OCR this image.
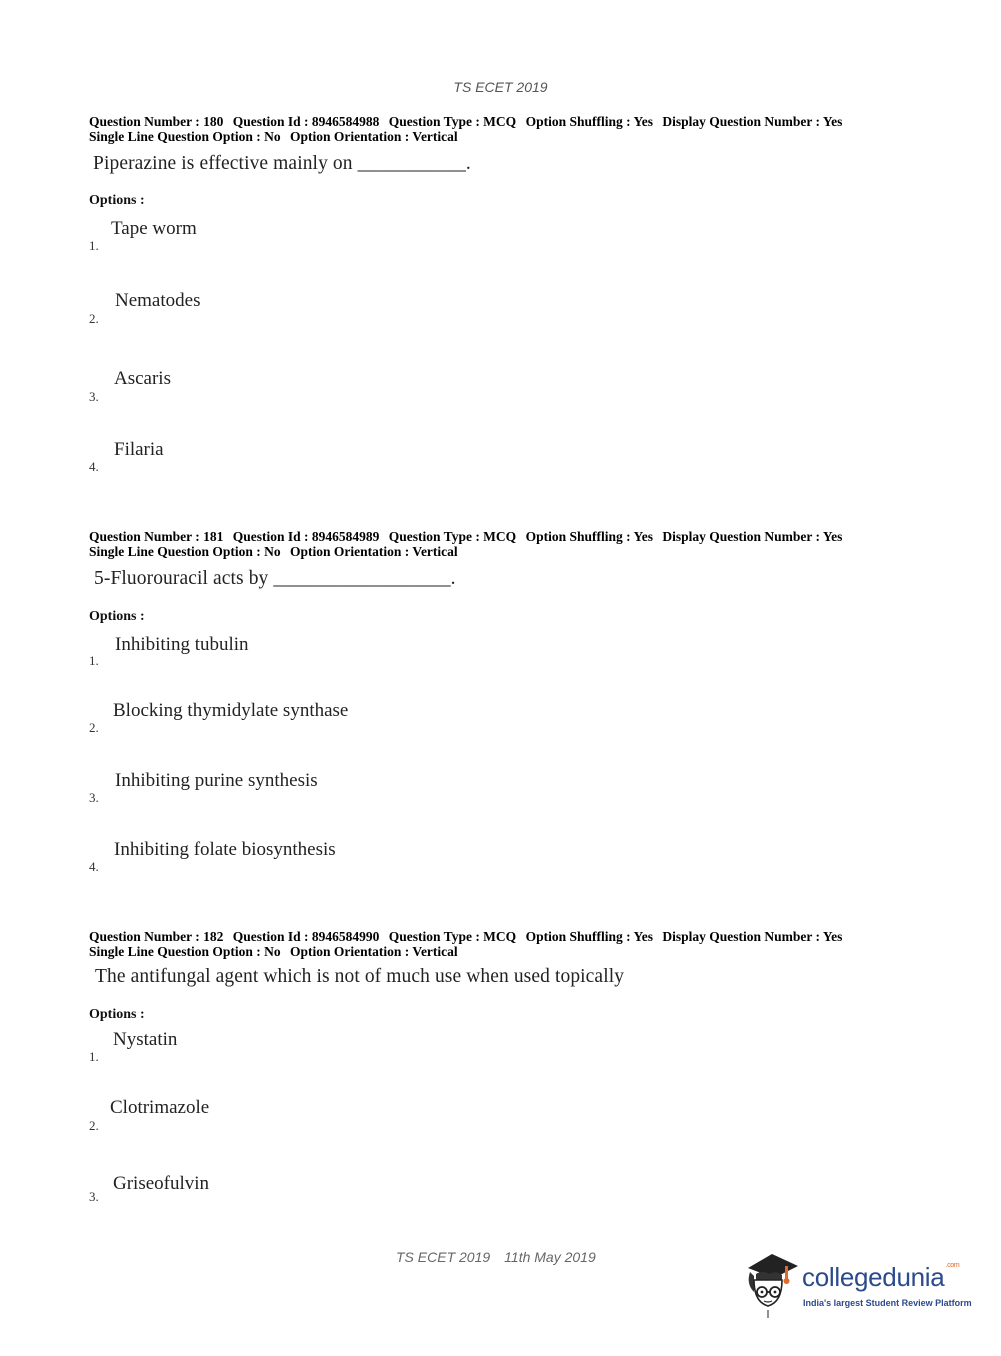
TS ECET 2019
Question Number : 180 Question Id : 8946584988 Question Type : MCQ Option Shuffling : Yes Display Question Number : Yes
Single Line Question Option : No Option Orientation : Vertical
Piperazine is effective mainly on ___________.
Options :
Tape worm
1.
Nematodes
2.
Ascaris
3.
Filaria
4.
Question Number : 181 Question Id : 8946584989 Question Type : MCQ Option Shuffling : Yes Display Question Number : Yes
Single Line Question Option : No Option Orientation : Vertical
5-Fluorouracil acts by __________________.
Options :
Inhibiting tubulin
1.
Blocking thymidylate synthase
2.
Inhibiting purine synthesis
3.
Inhibiting folate biosynthesis
4.
Question Number : 182 Question Id : 8946584990 Question Type : MCQ Option Shuffling : Yes Display Question Number : Yes
Single Line Question Option : No Option Orientation : Vertical
The antifungal agent which is not of much use when used topically
Options :
Nystatin
1.
Clotrimazole
2.
Griseofulvin
3.
TS ECET 2019 11th May 2019
collegedunia$^{.com}$
India's largest Student Review Platform
